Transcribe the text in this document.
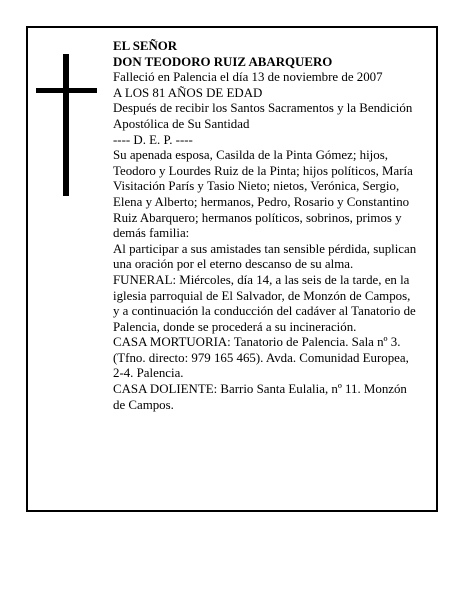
EL SEÑOR

DON TEODORO RUIZ ABARQUERO

Falleció en Palencia el día 13 de noviembre de 2007

A LOS 81 AÑOS DE EDAD

Después de recibir los Santos Sacramentos y la Bendición Apostólica de Su Santidad

---- D. E. P. ----

Su apenada esposa, Casilda de la Pinta Gómez; hijos, Teodoro y Lourdes Ruiz de la Pinta; hijos políticos, María Visitación París y Tasio Nieto; nietos, Verónica, Sergio, Elena y Alberto; hermanos, Pedro, Rosario y Constantino Ruiz Abarquero; hermanos políticos, sobrinos, primos y demás familia:

Al participar a sus amistades tan sensible pérdida, suplican una oración por el eterno descanso de su alma.

FUNERAL: Miércoles, día 14, a las seis de la tarde, en la iglesia parroquial de El Salvador, de Monzón de Campos, y a continuación la conducción del cadáver al Tanatorio de Palencia, donde se procederá a su incineración.

CASA MORTUORIA: Tanatorio de Palencia. Sala nº 3. (Tfno. directo: 979 165 465). Avda. Comunidad Europea, 2-4. Palencia.

CASA DOLIENTE: Barrio Santa Eulalia, nº 11. Monzón de Campos.
